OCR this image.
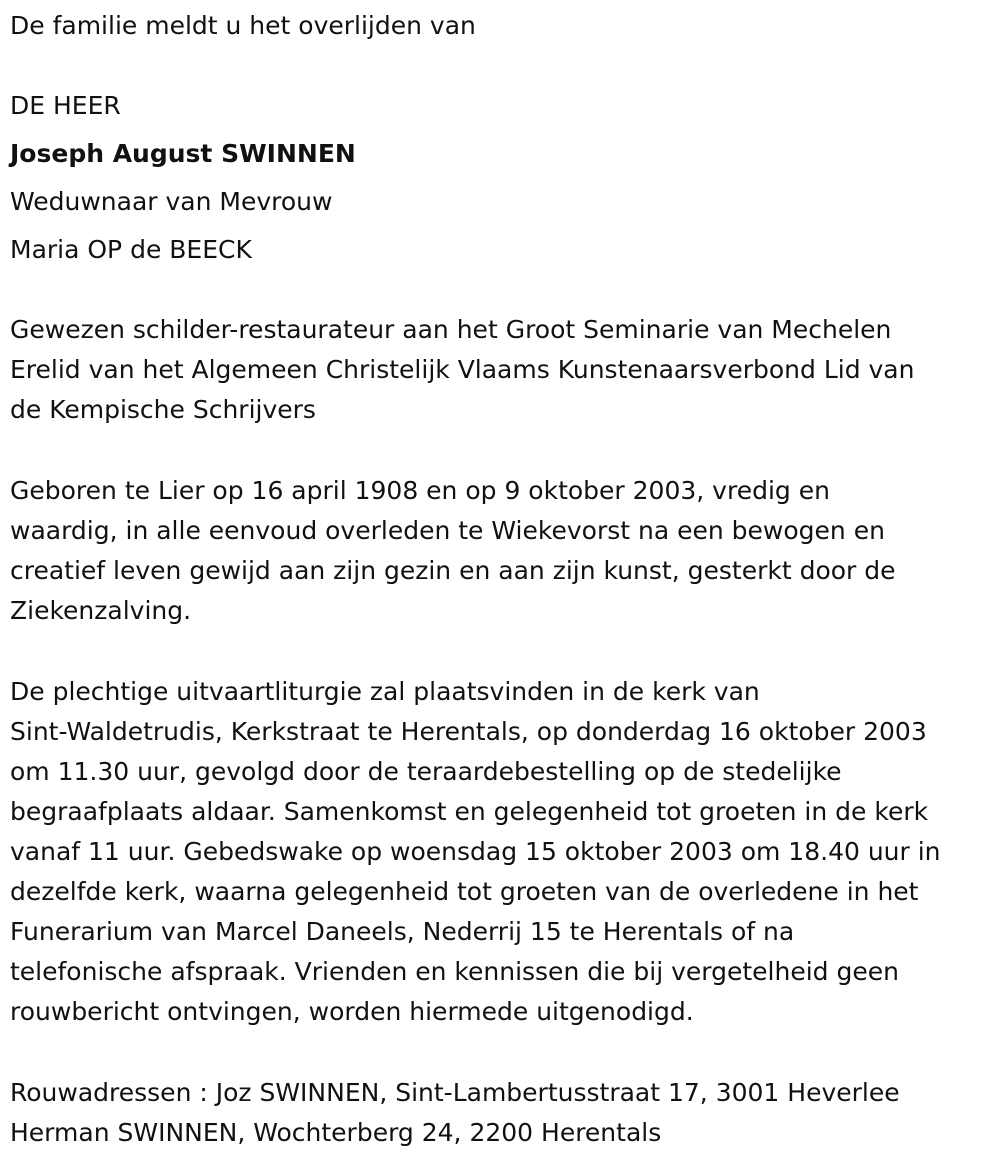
De familie meldt u het overlijden van

DE HEER

Joseph August SWINNEN

Weduwnaar van Mevrouw

Maria OP de BEECK

Gewezen schilder-restaurateur aan het Groot Seminarie van Mechelen
Erelid van het Algemeen Christelijk Vlaams Kunstenaarsverbond Lid van
de Kempische Schrijvers
Geboren te Lier op 16 april 1908 en op 9 oktober 2003, vredig en
waardig, in alle eenvoud overleden te Wiekevorst na een bewogen en
creatief leven gewijd aan zijn gezin en aan zijn kunst, gesterkt door de
Ziekenzalving.
De plechtige uitvaartliturgie zal plaatsvinden in de kerk van
Sint-Waldetrudis, Kerkstraat te Herentals, op donderdag 16 oktober 2003
om 11.30 uur, gevolgd door de teraardebestelling op de stedelijke
begraafplaats aldaar. Samenkomst en gelegenheid tot groeten in de kerk
vanaf 11 uur. Gebedswake op woensdag 15 oktober 2003 om 18.40 uur in
dezelfde kerk, waarna gelegenheid tot groeten van de overledene in het
Funerarium van Marcel Daneels, Nederrij 15 te Herentals of na
telefonische afspraak. Vrienden en kennissen die bij vergetelheid geen
rouwbericht ontvingen, worden hiermede uitgenodigd.
Rouwadressen : Joz SWINNEN, Sint-Lambertusstraat 17, 3001 Heverlee
Herman SWINNEN, Wochterberg 24, 2200 Herentals
